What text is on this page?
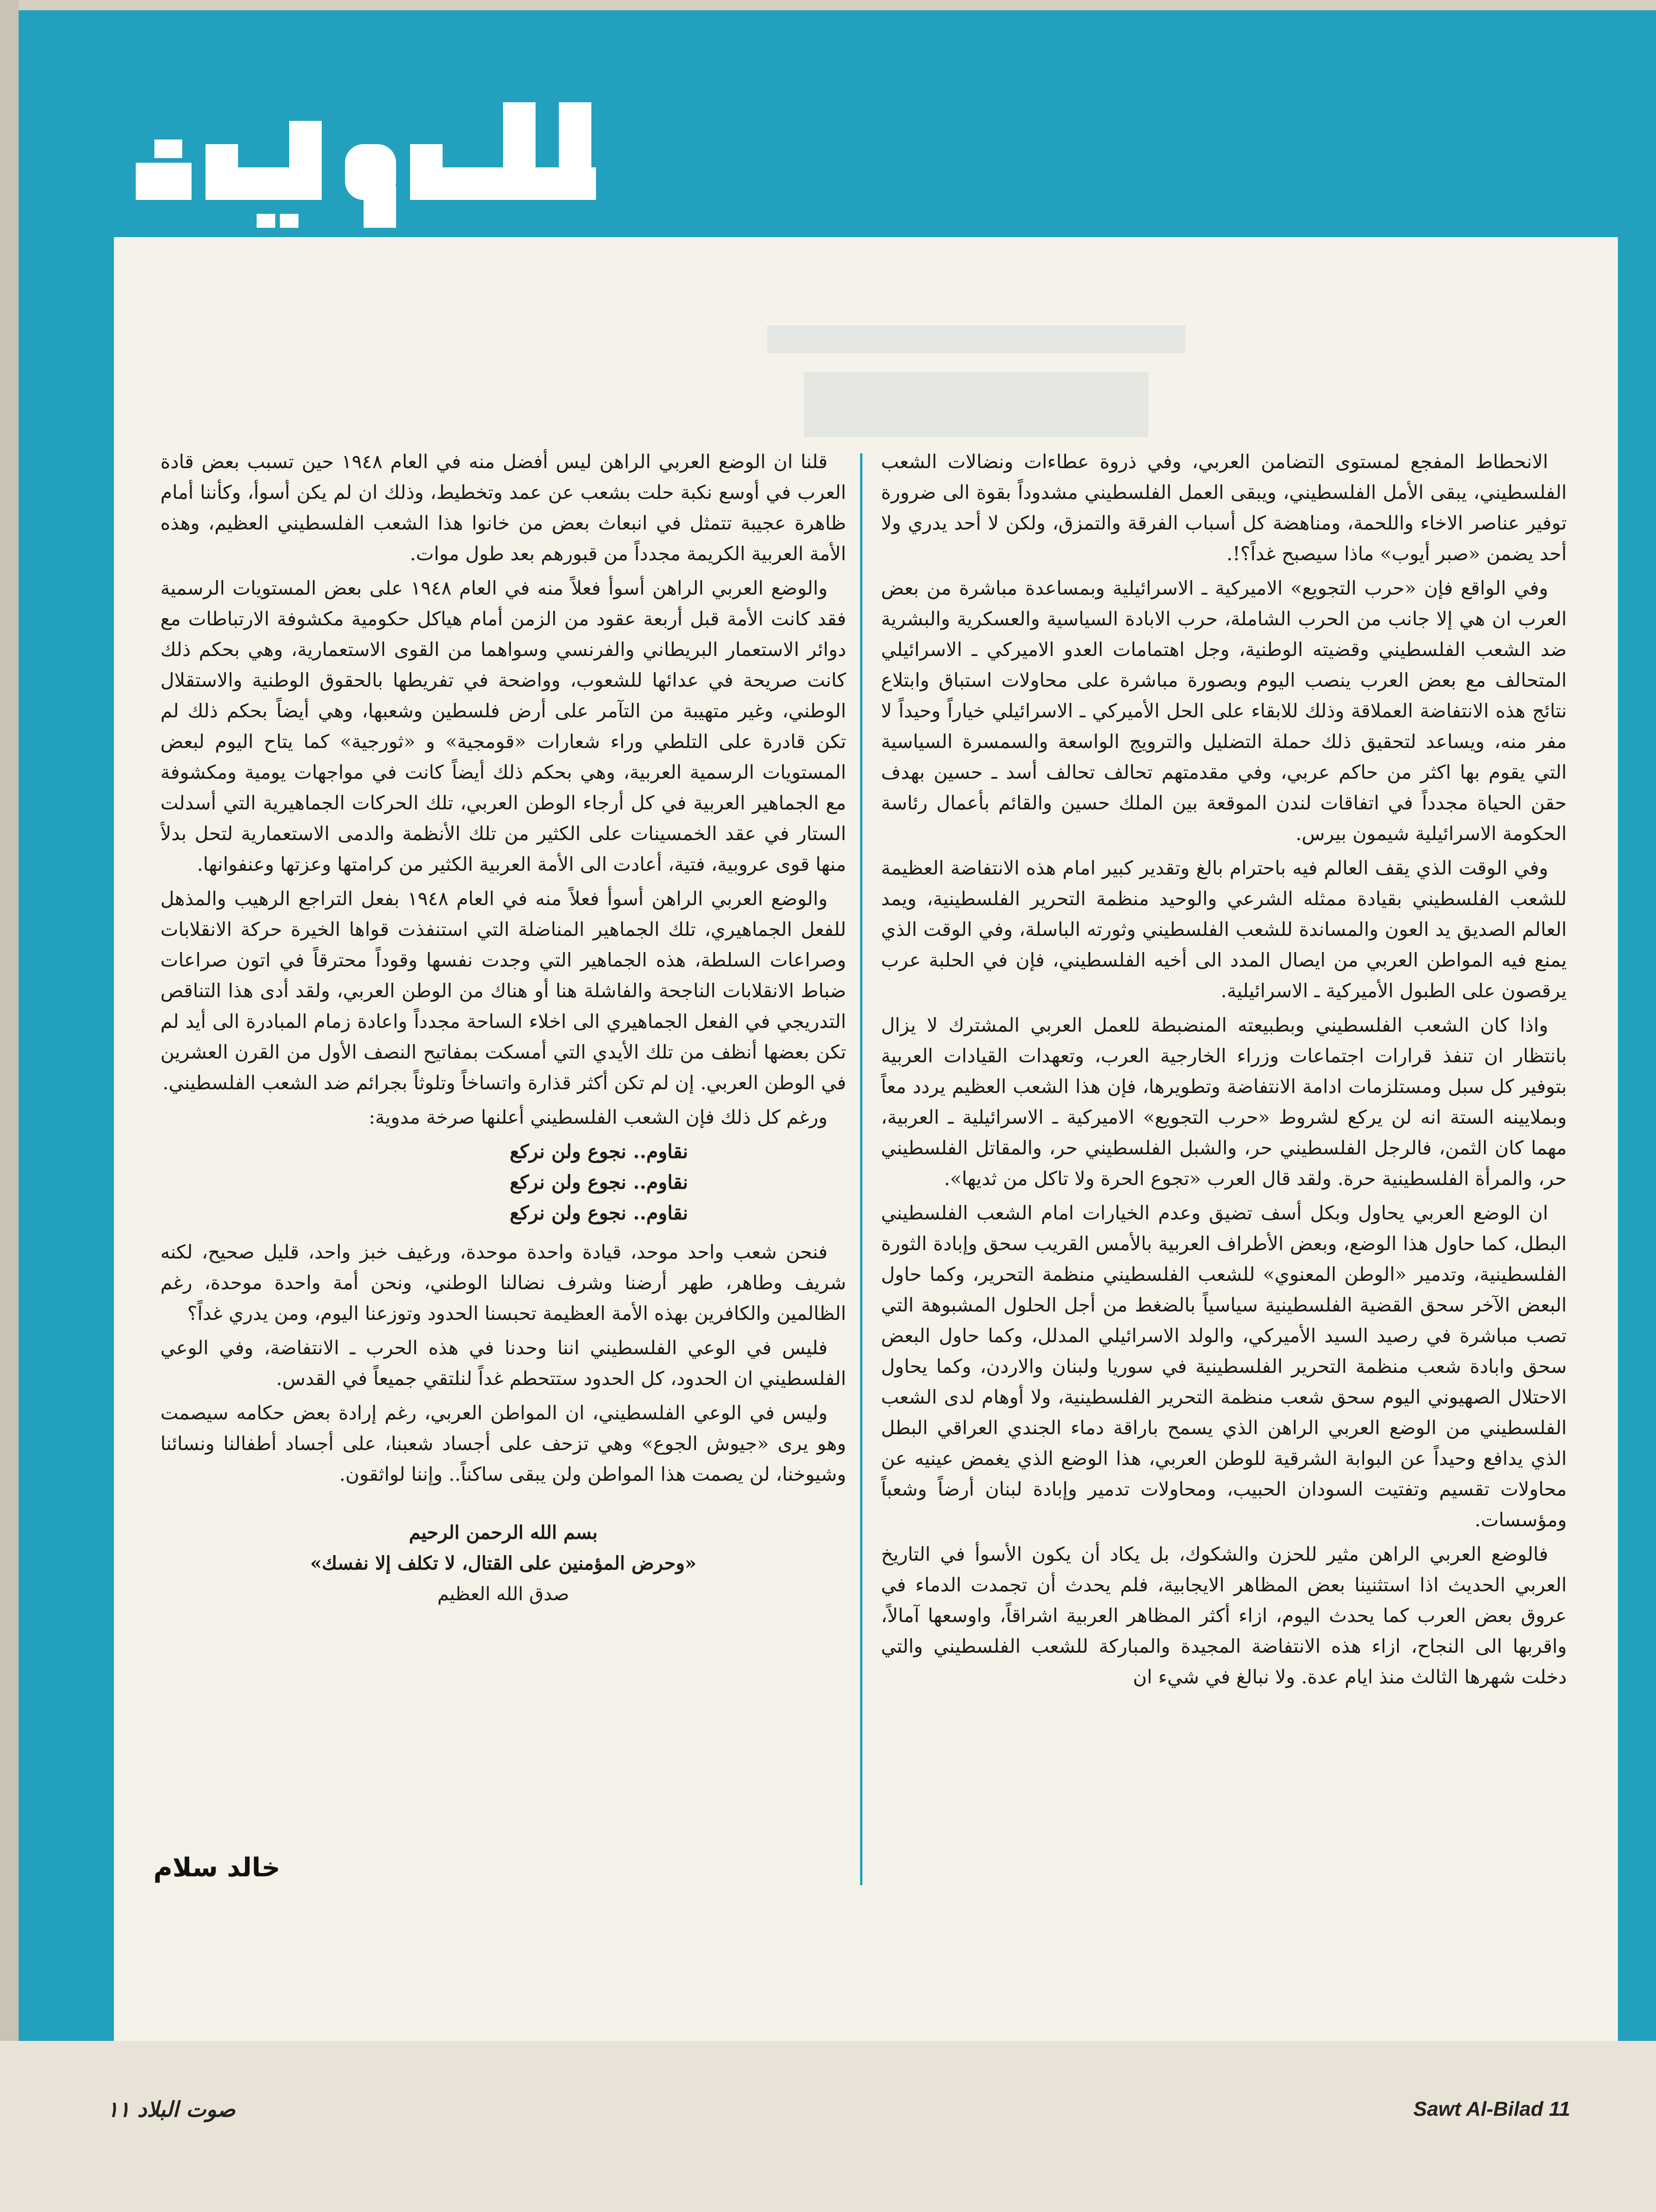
الانحطاط المفجع لمستوى التضامن العربي، وفي ذروة عطاءات ونضالات الشعب الفلسطيني، يبقى الأمل الفلسطيني، ويبقى العمل الفلسطيني مشدوداً بقوة الى ضرورة توفير عناصر الاخاء واللحمة، ومناهضة كل أسباب الفرقة والتمزق، ولكن لا أحد يدري ولا أحد يضمن «صبر أيوب» ماذا سيصبح غداً؟!.

وفي الواقع فإن «حرب التجويع» الاميركية ـ الاسرائيلية وبمساعدة مباشرة من بعض العرب ان هي إلا جانب من الحرب الشاملة، حرب الابادة السياسية والعسكرية والبشرية ضد الشعب الفلسطيني وقضيته الوطنية، وجل اهتمامات العدو الاميركي ـ الاسرائيلي المتحالف مع بعض العرب ينصب اليوم وبصورة مباشرة على محاولات استباق وابتلاع نتائج هذه الانتفاضة العملاقة وذلك للابقاء على الحل الأميركي ـ الاسرائيلي خياراً وحيداً لا مفر منه، ويساعد لتحقيق ذلك حملة التضليل والترويج الواسعة والسمسرة السياسية التي يقوم بها اكثر من حاكم عربي، وفي مقدمتهم تحالف تحالف أسد ـ حسين بهدف حقن الحياة مجدداً في اتفاقات لندن الموقعة بين الملك حسين والقائم بأعمال رئاسة الحكومة الاسرائيلية شيمون بيرس.

وفي الوقت الذي يقف العالم فيه باحترام بالغ وتقدير كبير امام هذه الانتفاضة العظيمة للشعب الفلسطيني بقيادة ممثله الشرعي والوحيد منظمة التحرير الفلسطينية، ويمد العالم الصديق يد العون والمساندة للشعب الفلسطيني وثورته الباسلة، وفي الوقت الذي يمنع فيه المواطن العربي من ايصال المدد الى أخيه الفلسطيني، فإن في الحلبة عرب يرقصون على الطبول الأميركية ـ الاسرائيلية.

واذا كان الشعب الفلسطيني وبطبيعته المنضبطة للعمل العربي المشترك لا يزال بانتظار ان تنفذ قرارات اجتماعات وزراء الخارجية العرب، وتعهدات القيادات العربية بتوفير كل سبل ومستلزمات ادامة الانتفاضة وتطويرها، فإن هذا الشعب العظيم يردد معاً وبملايينه الستة انه لن يركع لشروط «حرب التجويع» الاميركية ـ الاسرائيلية ـ العربية، مهما كان الثمن، فالرجل الفلسطيني حر، والشبل الفلسطيني حر، والمقاتل الفلسطيني حر، والمرأة الفلسطينية حرة. ولقد قال العرب «تجوع الحرة ولا تاكل من ثديها».

ان الوضع العربي يحاول وبكل أسف تضيق وعدم الخيارات امام الشعب الفلسطيني البطل، كما حاول هذا الوضع، وبعض الأطراف العربية بالأمس القريب سحق وإبادة الثورة الفلسطينية، وتدمير «الوطن المعنوي» للشعب الفلسطيني منظمة التحرير، وكما حاول البعض الآخر سحق القضية الفلسطينية سياسياً بالضغط من أجل الحلول المشبوهة التي تصب مباشرة في رصيد السيد الأميركي، والولد الاسرائيلي المدلل، وكما حاول البعض سحق وابادة شعب منظمة التحرير الفلسطينية في سوريا ولبنان والاردن، وكما يحاول الاحتلال الصهيوني اليوم سحق شعب منظمة التحرير الفلسطينية، ولا أوهام لدى الشعب الفلسطيني من الوضع العربي الراهن الذي يسمح باراقة دماء الجندي العراقي البطل الذي يدافع وحيداً عن البوابة الشرقية للوطن العربي، هذا الوضع الذي يغمض عينيه عن محاولات تقسيم وتفتيت السودان الحبيب، ومحاولات تدمير وإبادة لبنان أرضاً وشعباً ومؤسسات.

فالوضع العربي الراهن مثير للحزن والشكوك، بل يكاد أن يكون الأسوأ في التاريخ العربي الحديث اذا استثنينا بعض المظاهر الايجابية، فلم يحدث أن تجمدت الدماء في عروق بعض العرب كما يحدث اليوم، ازاء أكثر المظاهر العربية اشراقاً، واوسعها آمالاً، واقربها الى النجاح، ازاء هذه الانتفاضة المجيدة والمباركة للشعب الفلسطيني والتي دخلت شهرها الثالث منذ ايام عدة. ولا نبالغ في شيء ان

قلنا ان الوضع العربي الراهن ليس أفضل منه في العام ١٩٤٨ حين تسبب بعض قادة العرب في أوسع نكبة حلت بشعب عن عمد وتخطيط، وذلك ان لم يكن أسوأ، وكأننا أمام ظاهرة عجيبة تتمثل في انبعاث بعض من خانوا هذا الشعب الفلسطيني العظيم، وهذه الأمة العربية الكريمة مجدداً من قبورهم بعد طول موات.

والوضع العربي الراهن أسوأ فعلاً منه في العام ١٩٤٨ على بعض المستويات الرسمية فقد كانت الأمة قبل أربعة عقود من الزمن أمام هياكل حكومية مكشوفة الارتباطات مع دوائر الاستعمار البريطاني والفرنسي وسواهما من القوى الاستعمارية، وهي بحكم ذلك كانت صريحة في عدائها للشعوب، وواضحة في تفريطها بالحقوق الوطنية والاستقلال الوطني، وغير متهيبة من التآمر على أرض فلسطين وشعبها، وهي أيضاً بحكم ذلك لم تكن قادرة على التلطي وراء شعارات «قومجية» و «ثورجية» كما يتاح اليوم لبعض المستويات الرسمية العربية، وهي بحكم ذلك أيضاً كانت في مواجهات يومية ومكشوفة مع الجماهير العربية في كل أرجاء الوطن العربي، تلك الحركات الجماهيرية التي أسدلت الستار في عقد الخمسينات على الكثير من تلك الأنظمة والدمى الاستعمارية لتحل بدلاً منها قوى عروبية، فتية، أعادت الى الأمة العربية الكثير من كرامتها وعزتها وعنفوانها.

والوضع العربي الراهن أسوأ فعلاً منه في العام ١٩٤٨ بفعل التراجع الرهيب والمذهل للفعل الجماهيري، تلك الجماهير المناضلة التي استنفذت قواها الخيرة حركة الانقلابات وصراعات السلطة، هذه الجماهير التي وجدت نفسها وقوداً محترقاً في اتون صراعات ضباط الانقلابات الناجحة والفاشلة هنا أو هناك من الوطن العربي، ولقد أدى هذا التناقص التدريجي في الفعل الجماهيري الى اخلاء الساحة مجدداً واعادة زمام المبادرة الى أيد لم تكن بعضها أنظف من تلك الأيدي التي أمسكت بمفاتيح النصف الأول من القرن العشرين في الوطن العربي. إن لم تكن أكثر قذارة واتساخاً وتلوثاً بجرائم ضد الشعب الفلسطيني.

ورغم كل ذلك فإن الشعب الفلسطيني أعلنها صرخة مدوية:

نقاوم.. نجوع ولن نركع
نقاوم.. نجوع ولن نركع
نقاوم.. نجوع ولن نركع

فنحن شعب واحد موحد، قيادة واحدة موحدة، ورغيف خبز واحد، قليل صحيح، لكنه شريف وطاهر، طهر أرضنا وشرف نضالنا الوطني، ونحن أمة واحدة موحدة، رغم الظالمين والكافرين بهذه الأمة العظيمة تحبسنا الحدود وتوزعنا اليوم، ومن يدري غداً؟

فليس في الوعي الفلسطيني اننا وحدنا في هذه الحرب ـ الانتفاضة، وفي الوعي الفلسطيني ان الحدود، كل الحدود ستتحطم غداً لنلتقي جميعاً في القدس.

وليس في الوعي الفلسطيني، ان المواطن العربي، رغم إرادة بعض حكامه سيصمت وهو يرى «جيوش الجوع» وهي تزحف على أجساد شعبنا، على أجساد أطفالنا ونسائنا وشيوخنا، لن يصمت هذا المواطن ولن يبقى ساكناً.. وإننا لواثقون.

بسم الله الرحمن الرحيم
«وحرض المؤمنين على القتال، لا تكلف إلا نفسك»
صدق الله العظيم
خالد سلام
صوت البلاد ١١	Sawt Al-Bilad 11
